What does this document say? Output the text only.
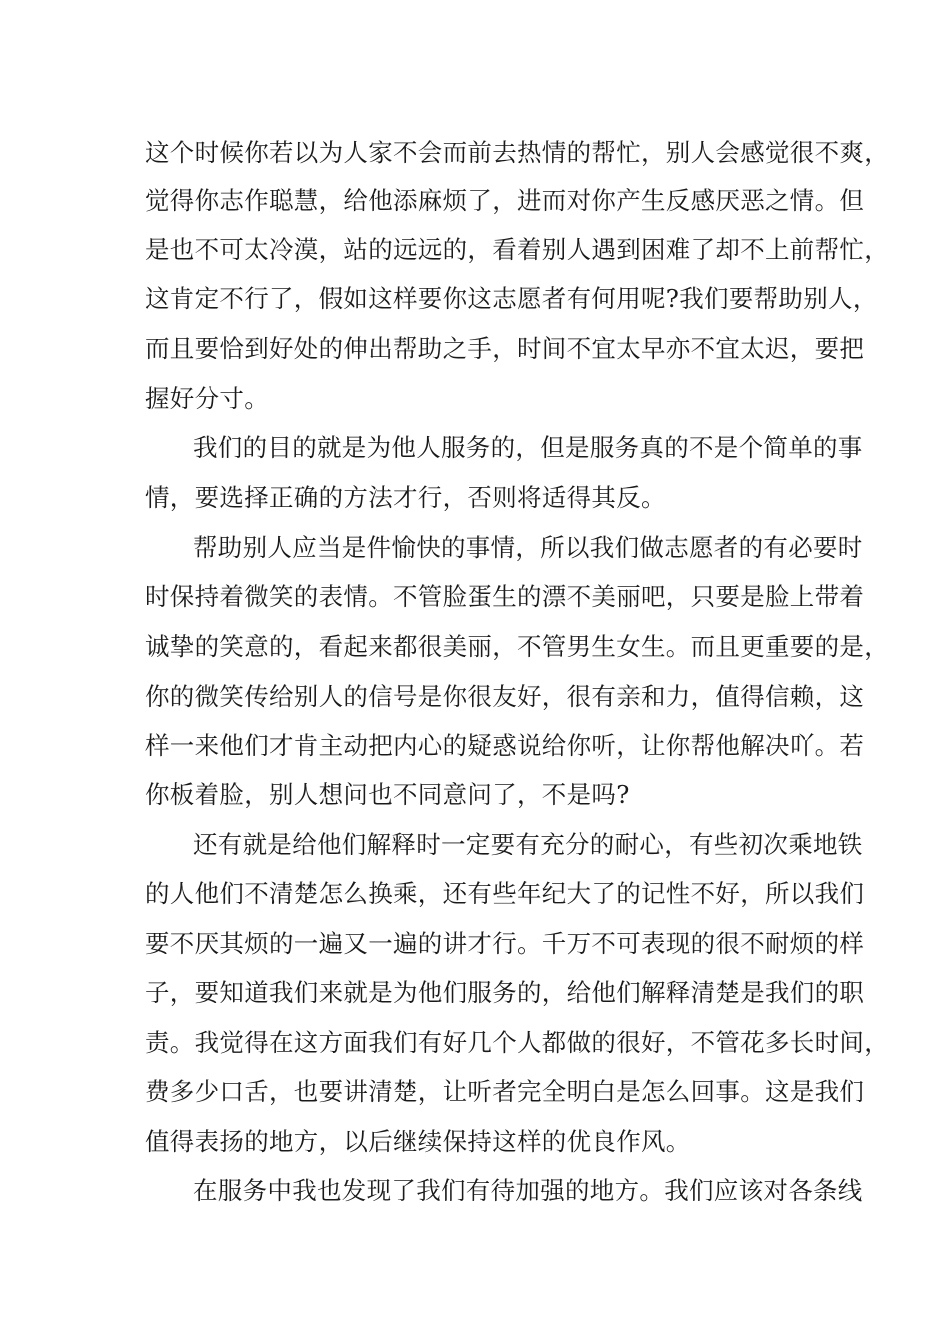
这个时候你若以为人家不会而前去热情的帮忙，别人会感觉很不爽，
觉得你志作聪慧，给他添麻烦了，进而对你产生反感厌恶之情。但
是也不可太冷漠，站的远远的，看着别人遇到困难了却不上前帮忙，
这肯定不行了，假如这样要你这志愿者有何用呢?我们要帮助别人，
而且要恰到好处的伸出帮助之手，时间不宜太早亦不宜太迟，要把
握好分寸。
我们的目的就是为他人服务的，但是服务真的不是个简单的事
情，要选择正确的方法才行，否则将适得其反。
帮助别人应当是件愉快的事情，所以我们做志愿者的有必要时
时保持着微笑的表情。不管脸蛋生的漂不美丽吧，只要是脸上带着
诚挚的笑意的，看起来都很美丽，不管男生女生。而且更重要的是，
你的微笑传给别人的信号是你很友好，很有亲和力，值得信赖，这
样一来他们才肯主动把内心的疑惑说给你听，让你帮他解决吖。若
你板着脸，别人想问也不同意问了，不是吗?
还有就是给他们解释时一定要有充分的耐心，有些初次乘地铁
的人他们不清楚怎么换乘，还有些年纪大了的记性不好，所以我们
要不厌其烦的一遍又一遍的讲才行。千万不可表现的很不耐烦的样
子，要知道我们来就是为他们服务的，给他们解释清楚是我们的职
责。我觉得在这方面我们有好几个人都做的很好，不管花多长时间，
费多少口舌，也要讲清楚，让听者完全明白是怎么回事。这是我们
值得表扬的地方，以后继续保持这样的优良作风。
在服务中我也发现了我们有待加强的地方。我们应该对各条线
